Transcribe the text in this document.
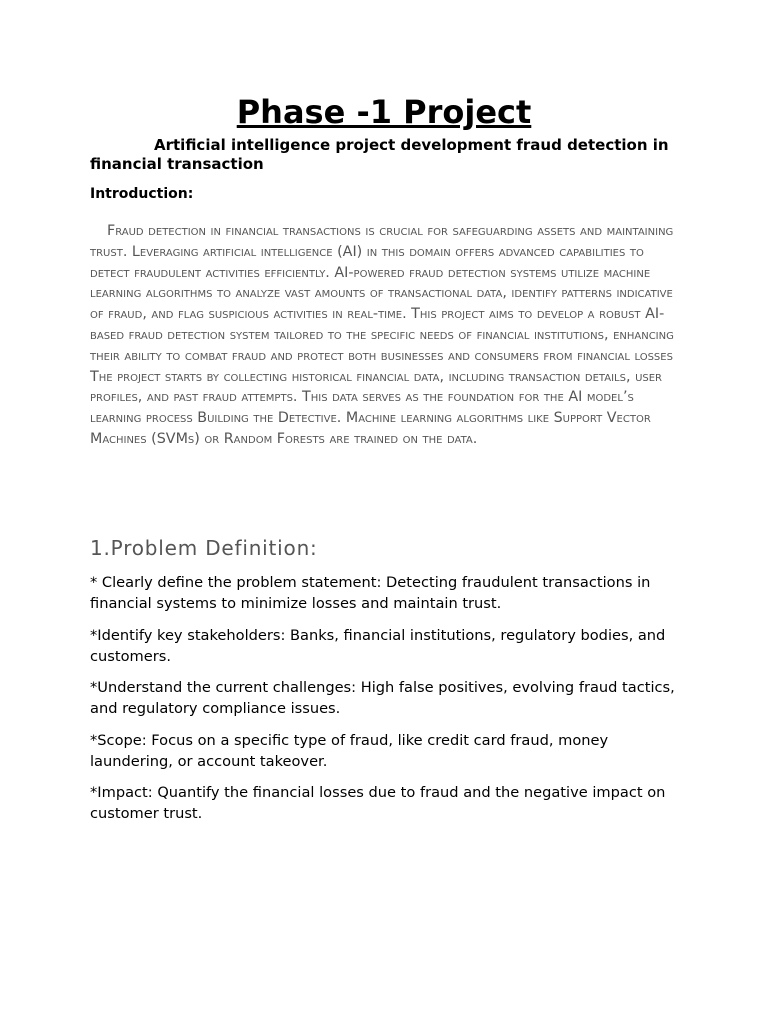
Phase -1 Project
Artificial intelligence project development fraud detection in financial transaction
Introduction:

Fraud detection in financial transactions is crucial for safeguarding assets and maintaining trust. Leveraging artificial intelligence (AI) in this domain offers advanced capabilities to detect fraudulent activities efficiently. AI-powered fraud detection systems utilize machine learning algorithms to analyze vast amounts of transactional data, identify patterns indicative of fraud, and flag suspicious activities in real-time. This project aims to develop a robust AI-based fraud detection system tailored to the specific needs of financial institutions, enhancing their ability to combat fraud and protect both businesses and consumers from financial losses The project starts by collecting historical financial data, including transaction details, user profiles, and past fraud attempts. This data serves as the foundation for the AI model’s learning process Building the Detective. Machine learning algorithms like Support Vector Machines (SVMs) or Random Forests are trained on the data.

1.Problem Definition:
* Clearly define the problem statement: Detecting fraudulent transactions in financial systems to minimize losses and maintain trust.
*Identify key stakeholders: Banks, financial institutions, regulatory bodies, and customers.
*Understand the current challenges: High false positives, evolving fraud tactics, and regulatory compliance issues.
*Scope: Focus on a specific type of fraud, like credit card fraud, money laundering, or account takeover.
*Impact: Quantify the financial losses due to fraud and the negative impact on customer trust.
